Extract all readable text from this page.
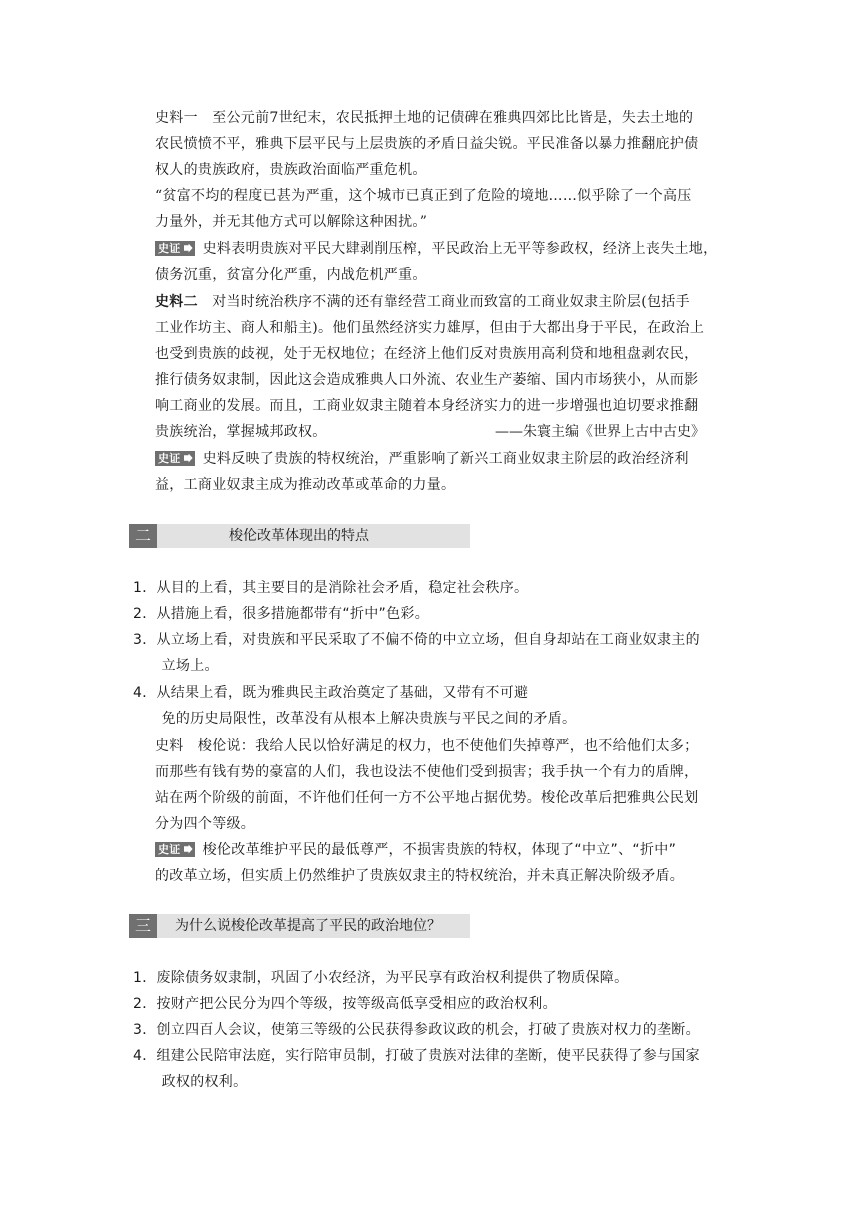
史料一　至公元前7世纪末，农民抵押土地的记债碑在雅典四郊比比皆是，失去土地的
农民愤愤不平，雅典下层平民与上层贵族的矛盾日益尖锐。平民准备以暴力推翻庇护债
权人的贵族政府，贵族政治面临严重危机。
“贫富不均的程度已甚为严重，这个城市已真正到了危险的境地……似乎除了一个高压
力量外，并无其他方式可以解除这种困扰。”
史证 史料表明贵族对平民大肆剥削压榨，平民政治上无平等参政权，经济上丧失土地，
债务沉重，贫富分化严重，内战危机严重。
史料二　对当时统治秩序不满的还有靠经营工商业而致富的工商业奴隶主阶层(包括手
工业作坊主、商人和船主)。他们虽然经济实力雄厚，但由于大都出身于平民，在政治上
也受到贵族的歧视，处于无权地位；在经济上他们反对贵族用高利贷和地租盘剥农民，
推行债务奴隶制，因此这会造成雅典人口外流、农业生产萎缩、国内市场狭小，从而影
响工商业的发展。而且，工商业奴隶主随着本身经济实力的进一步增强也迫切要求推翻
贵族统治，掌握城邦政权。	——朱寰主编《世界上古中古史》
史证 史料反映了贵族的特权统治，严重影响了新兴工商业奴隶主阶层的政治经济利
益，工商业奴隶主成为推动改革或革命的力量。
二	梭伦改革体现出的特点
1．从目的上看，其主要目的是消除社会矛盾，稳定社会秩序。
2．从措施上看，很多措施都带有“折中”色彩。
3．从立场上看，对贵族和平民采取了不偏不倚的中立立场，但自身却站在工商业奴隶主的
　　立场上。
4．从结果上看，既为雅典民主政治奠定了基础，又带有不可避
　　免的历史局限性，改革没有从根本上解决贵族与平民之间的矛盾。
史料　梭伦说：我给人民以恰好满足的权力，也不使他们失掉尊严，也不给他们太多；
而那些有钱有势的豪富的人们，我也设法不使他们受到损害；我手执一个有力的盾牌，
站在两个阶级的前面，不许他们任何一方不公平地占据优势。梭伦改革后把雅典公民划
分为四个等级。
史证 梭伦改革维护平民的最低尊严，不损害贵族的特权，体现了“中立”、“折中”
的改革立场，但实质上仍然维护了贵族奴隶主的特权统治，并未真正解决阶级矛盾。
三	为什么说梭伦改革提高了平民的政治地位？
1．废除债务奴隶制，巩固了小农经济，为平民享有政治权利提供了物质保障。
2．按财产把公民分为四个等级，按等级高低享受相应的政治权利。
3．创立四百人会议，使第三等级的公民获得参政议政的机会，打破了贵族对权力的垄断。
4．组建公民陪审法庭，实行陪审员制，打破了贵族对法律的垄断，使平民获得了参与国家
　　政权的权利。
